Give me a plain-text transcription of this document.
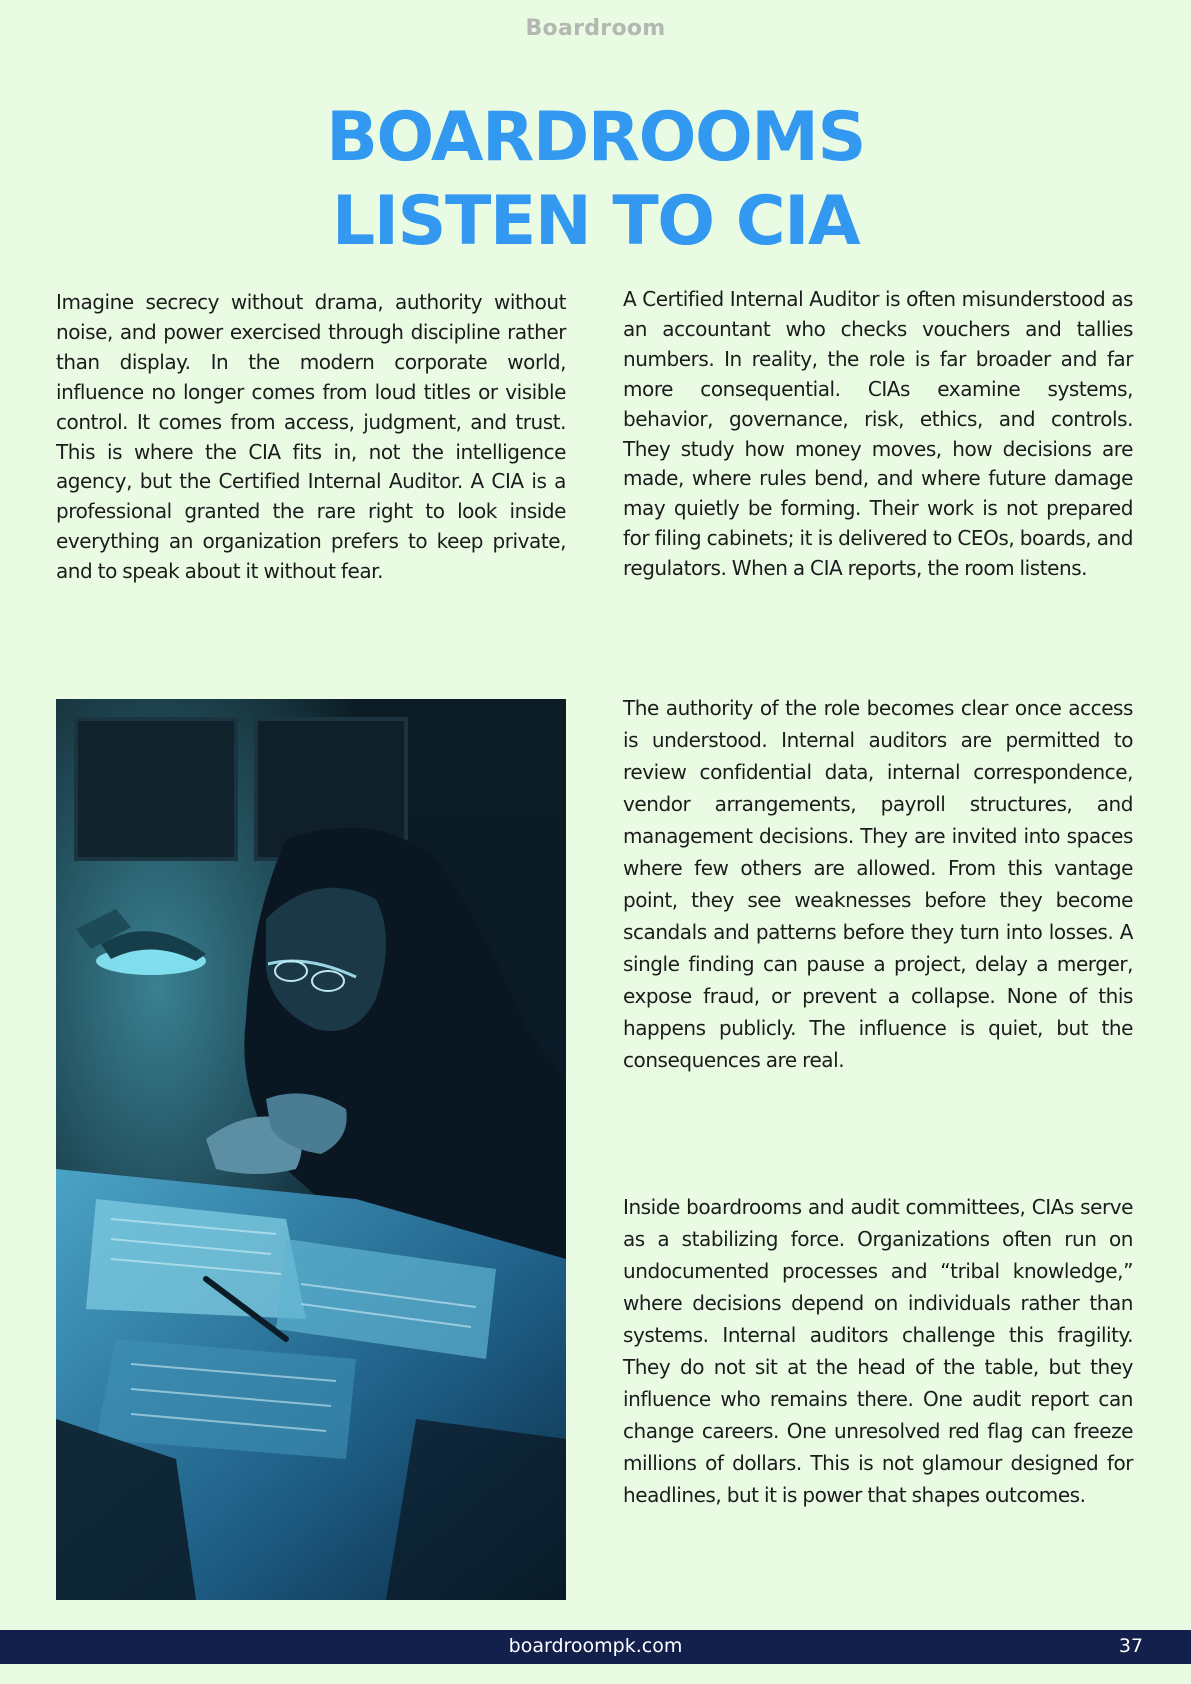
Boardroom
BOARDROOMS
LISTEN TO CIA

Imagine secrecy without drama, authority without noise, and power exercised through discipline rather than display. In the modern corporate world, influence no longer comes from loud titles or visible control. It comes from access, judgment, and trust. This is where the CIA fits in, not the intelligence agency, but the Certified Internal Auditor. A CIA is a professional granted the rare right to look inside everything an organization prefers to keep private, and to speak about it without fear.

A Certified Internal Auditor is often misunderstood as an accountant who checks vouchers and tallies numbers. In reality, the role is far broader and far more consequential. CIAs examine systems, behavior, governance, risk, ethics, and controls. They study how money moves, how decisions are made, where rules bend, and where future damage may quietly be forming. Their work is not prepared for filing cabinets; it is delivered to CEOs, boards, and regulators. When a CIA reports, the room listens.

The authority of the role becomes clear once access is understood. Internal auditors are permitted to review confidential data, internal correspondence, vendor arrangements, payroll structures, and management decisions. They are invited into spaces where few others are allowed. From this vantage point, they see weaknesses before they become scandals and patterns before they turn into losses. A single finding can pause a project, delay a merger, expose fraud, or prevent a collapse. None of this happens publicly. The influence is quiet, but the consequences are real.

Inside boardrooms and audit committees, CIAs serve as a stabilizing force. Organizations often run on undocumented processes and “tribal knowledge,” where decisions depend on individuals rather than systems. Internal auditors challenge this fragility. They do not sit at the head of the table, but they influence who remains there. One audit report can change careers. One unresolved red flag can freeze millions of dollars. This is not glamour designed for headlines, but it is power that shapes outcomes.

boardroompk.com	37
